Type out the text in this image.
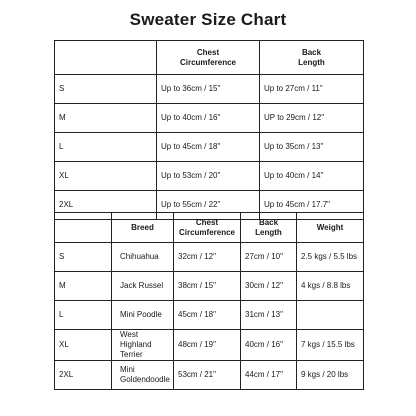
Sweater Size Chart
	Chest Circumference	Back Length
S	Up to 36cm / 15"	Up to 27cm / 11"
M	Up to 40cm / 16"	UP to 29cm / 12"
L	Up to 45cm / 18"	Up to 35cm / 13"
XL	Up to 53cm / 20"	Up to 40cm / 14"
2XL	Up to 55cm / 22"	Up to 45cm / 17.7"
	Breed	Chest Circumference	Back Length	Weight
S	Chihuahua	32cm / 12"	27cm / 10"	2.5 kgs / 5.5 lbs
M	Jack Russel	38cm / 15"	30cm / 12"	4 kgs / 8.8 lbs
L	Mini Poodle	45cm / 18"	31cm / 13"	
XL	West Highland Terrier	48cm / 19"	40cm / 16"	7 kgs / 15.5 lbs
2XL	Mini Goldendoodle	53cm / 21"	44cm / 17"	9 kgs / 20 lbs
